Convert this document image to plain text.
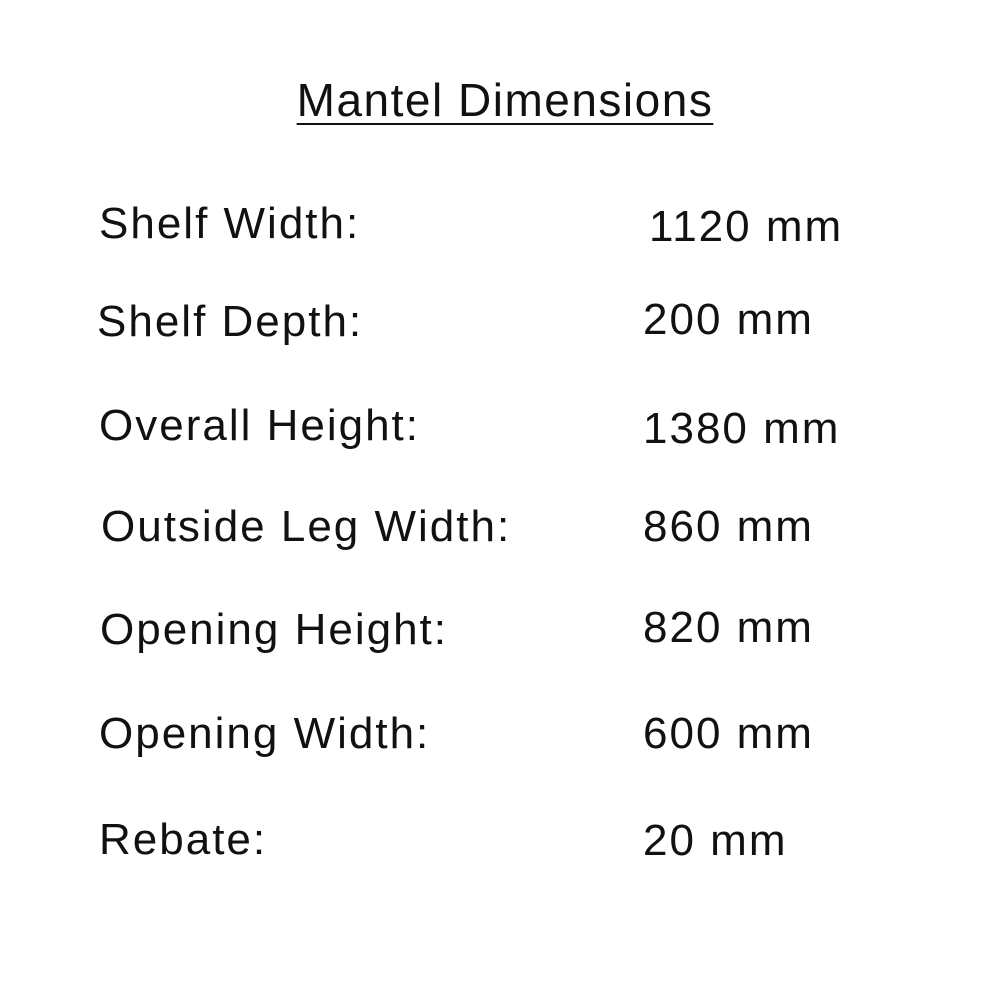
Mantel Dimensions
Shelf Width:	1120 mm
Shelf Depth:	200 mm
Overall Height:	1380 mm
Outside Leg Width:	860 mm
Opening Height:	820 mm
Opening Width:	600 mm
Rebate:	20 mm
